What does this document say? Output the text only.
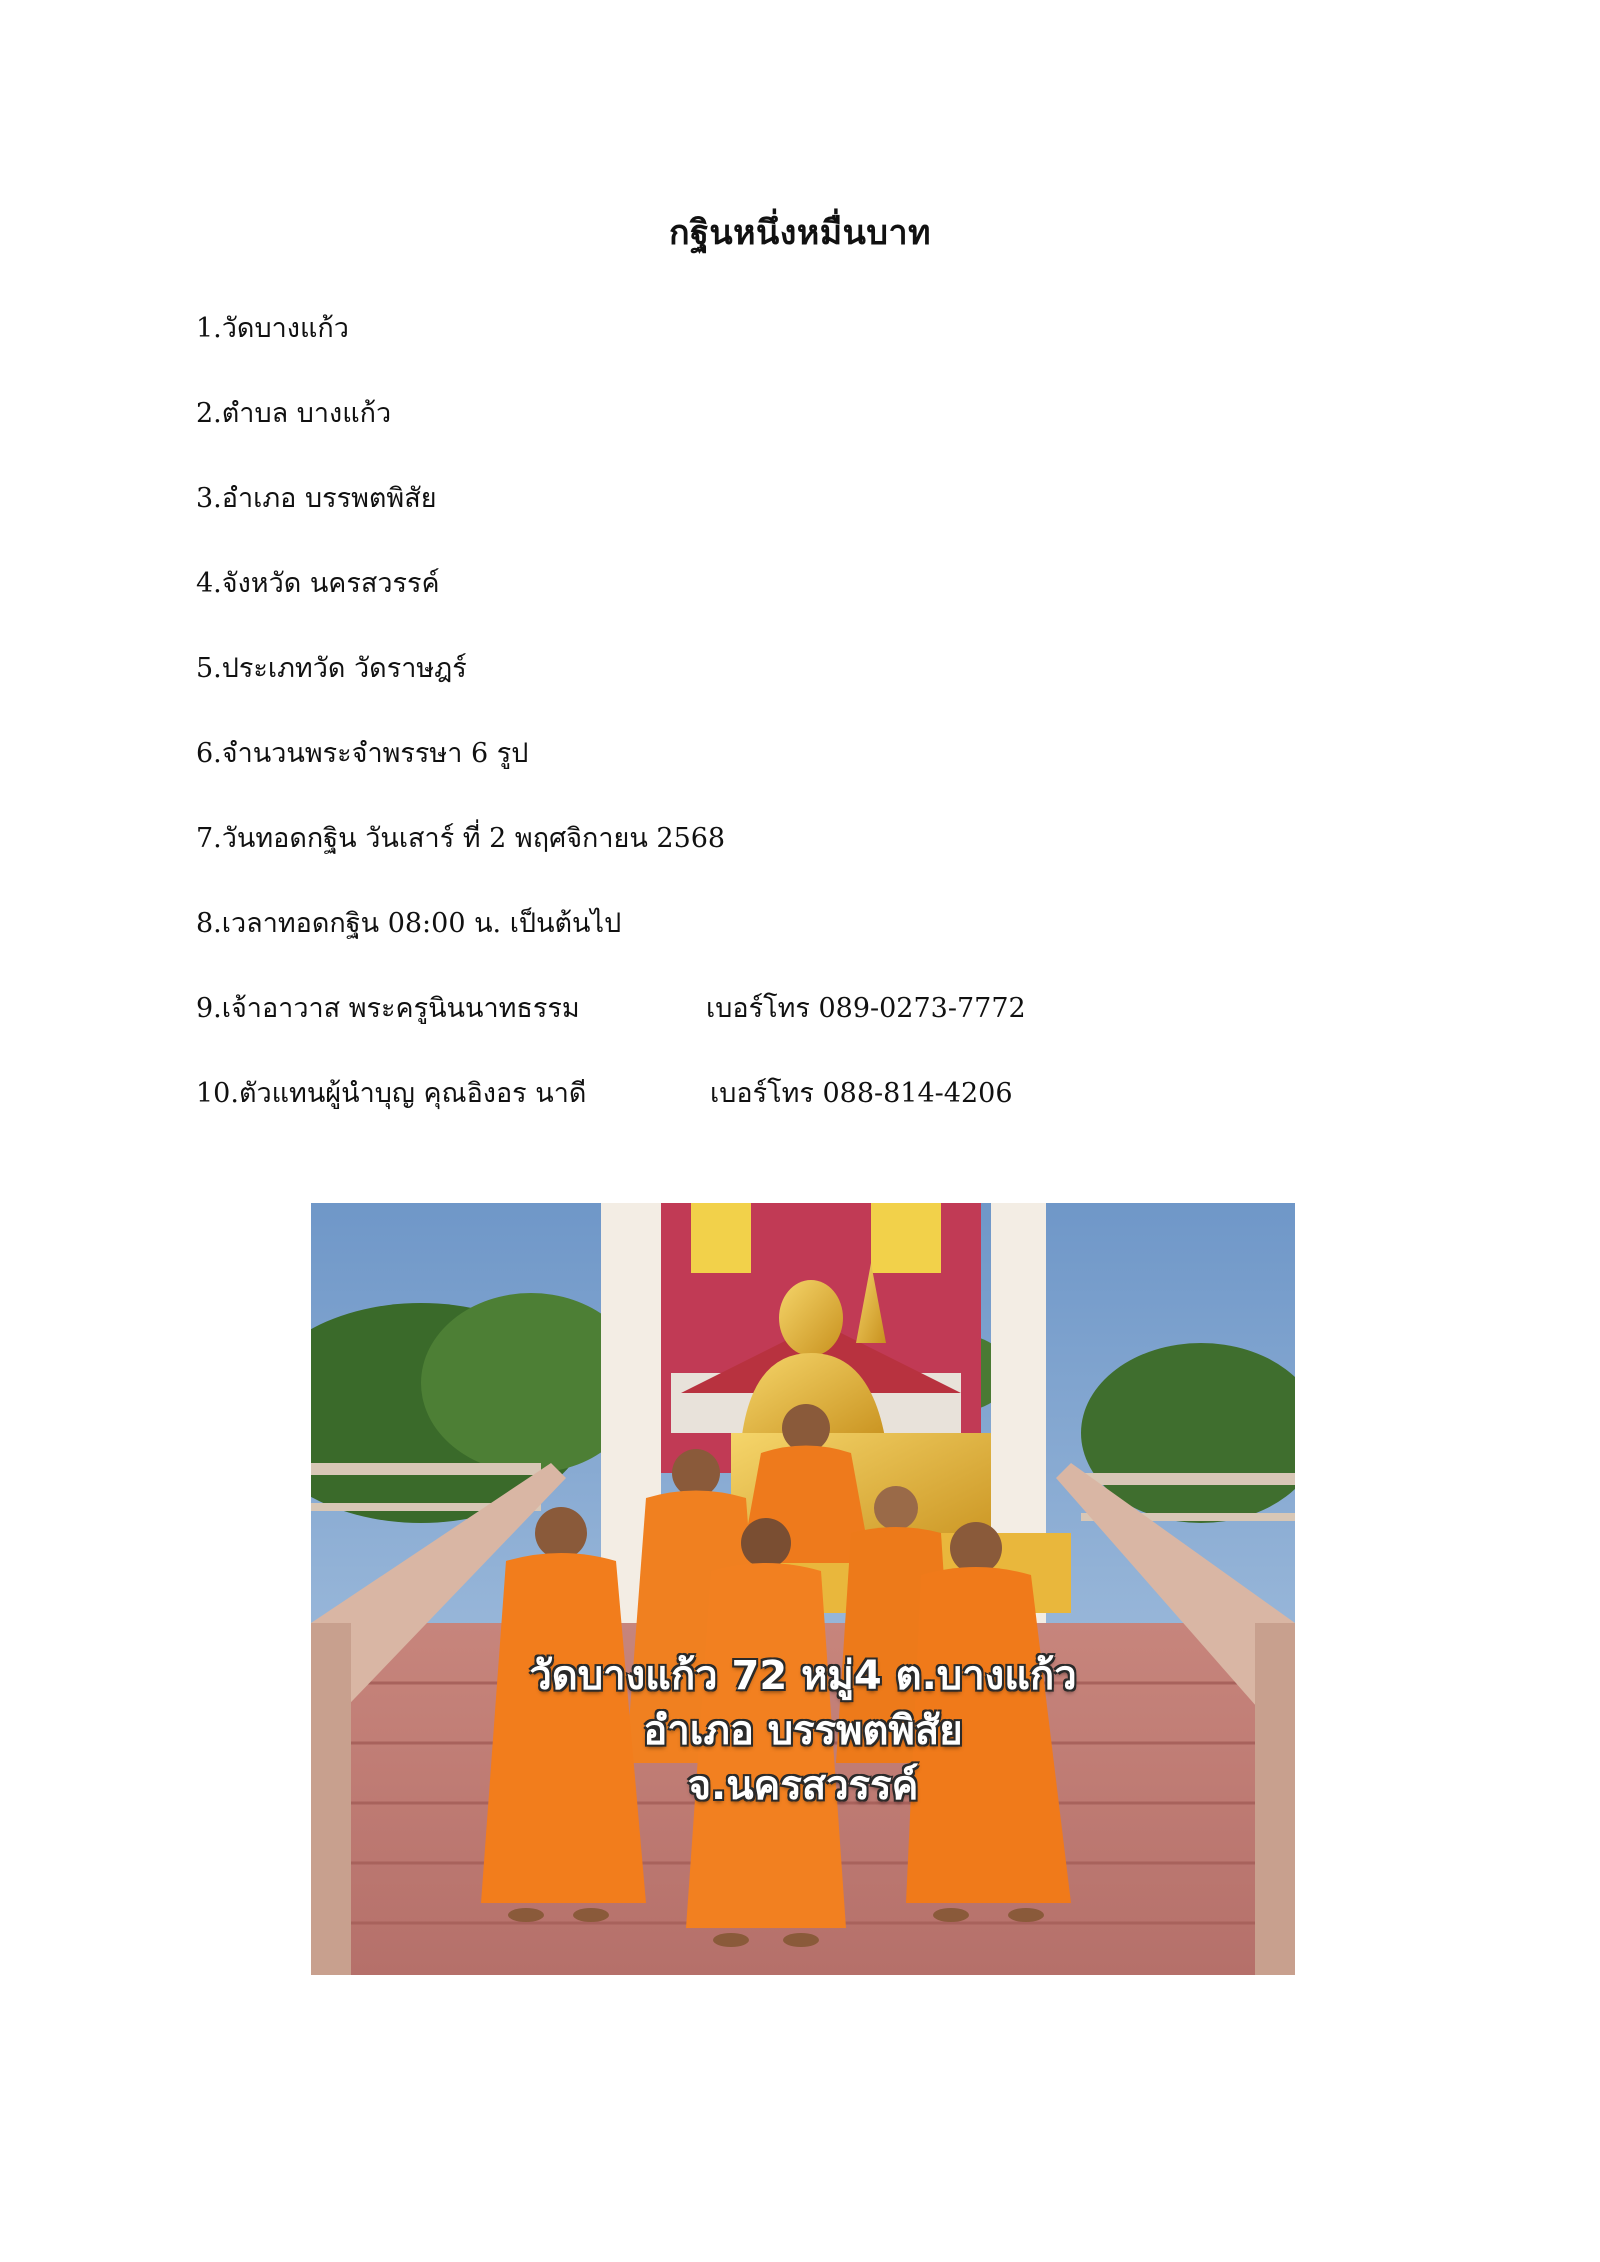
กฐินหนึ่งหมื่นบาท
1.วัดบางแก้ว
2.ตำบล บางแก้ว
3.อำเภอ บรรพตพิสัย
4.จังหวัด นครสวรรค์
5.ประเภทวัด วัดราษฎร์
6.จำนวนพระจำพรรษา 6 รูป
7.วันทอดกฐิน วันเสาร์ ที่ 2 พฤศจิกายน 2568
8.เวลาทอดกฐิน 08:00 น. เป็นต้นไป
9.เจ้าอาวาส พระครูนินนาทธรรม	เบอร์โทร 089-0273-7772
10.ตัวแทนผู้นำบุญ คุณอิงอร นาดี	เบอร์โทร 088-814-4206
วัดบางแก้ว 72 หมู่4 ต.บางแก้ว
อำเภอ บรรพตพิสัย
จ.นครสวรรค์
